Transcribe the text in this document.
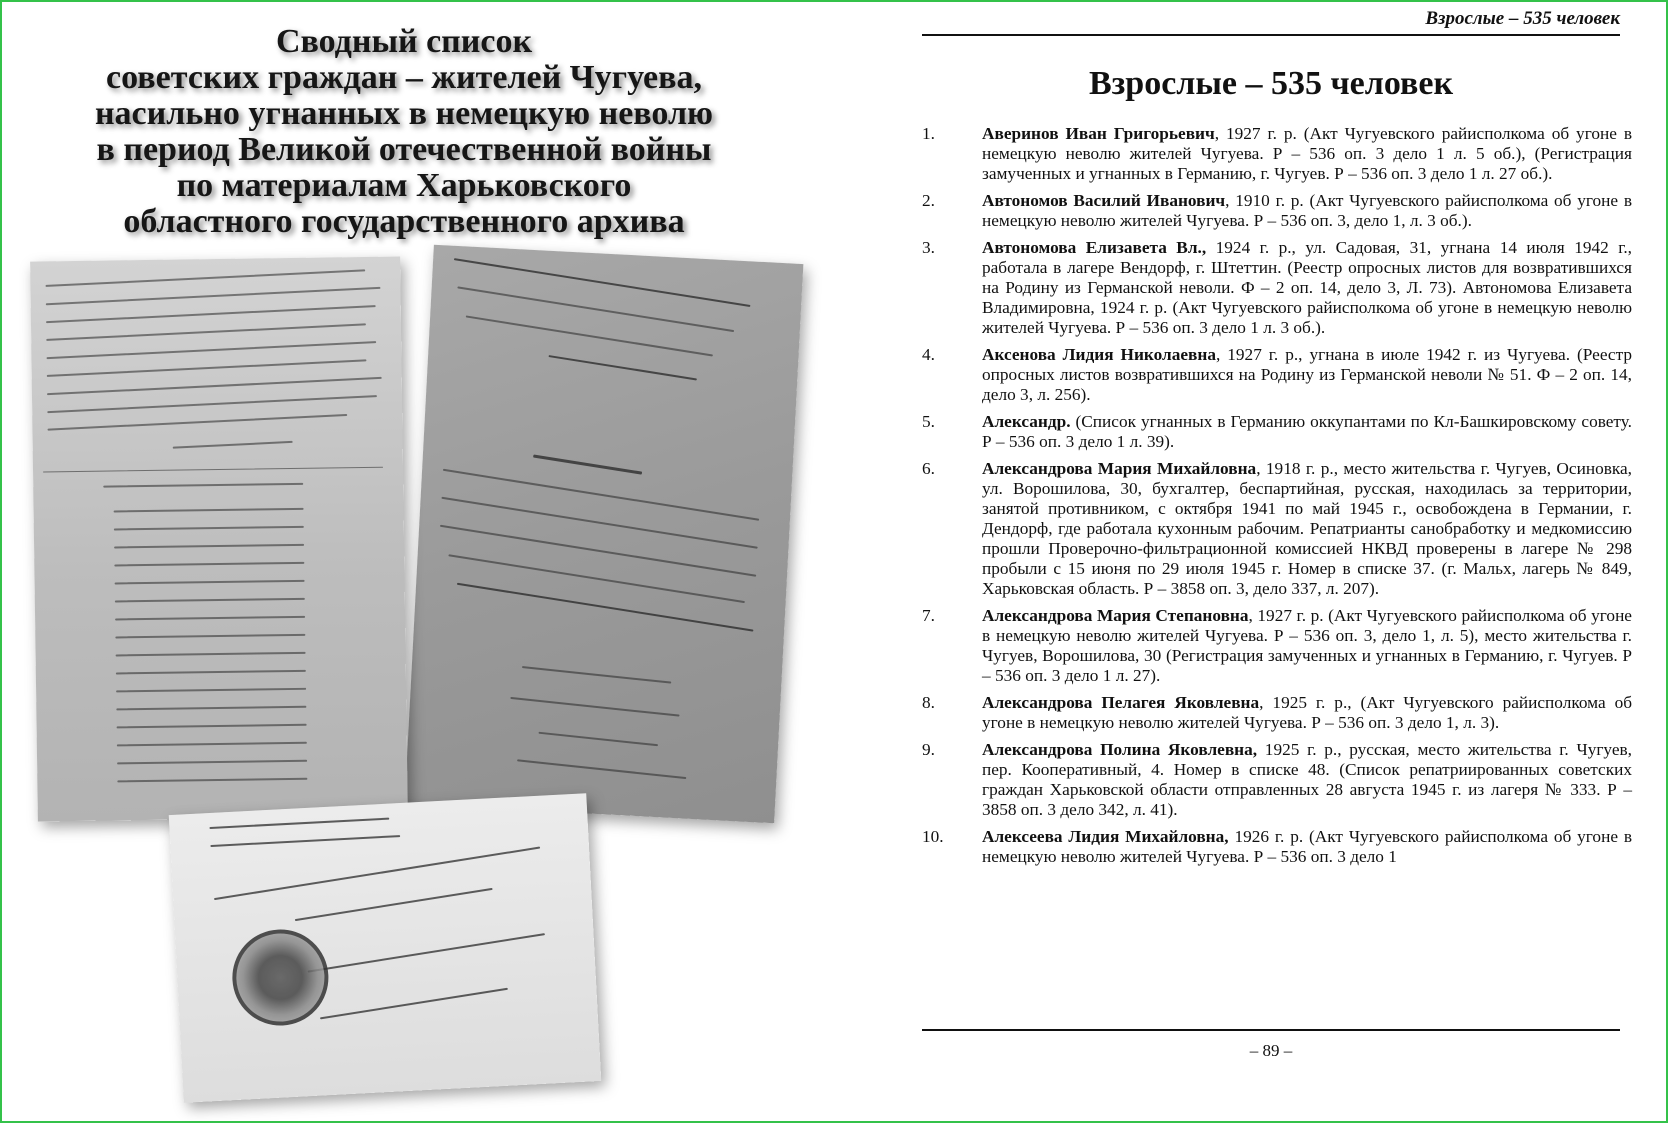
Сводный список
советских граждан – жителей Чугуева,
насильно угнанных в немецкую неволю
в период Великой отечественной войны
по материалам Харьковского
областного государственного архива
Взрослые – 535 человек
Взрослые – 535 человек

1.	Аверинов Иван Григорьевич, 1927 г. р. (Акт Чугуевского райисполкома об угоне в немецкую неволю жителей Чугуева. Р – 536 оп. 3 дело 1 л. 5 об.), (Регистрация замученных и угнанных в Германию, г. Чугуев. Р – 536 оп. 3 дело 1 л. 27 об.).

2.	Автономов Василий Иванович, 1910 г. р. (Акт Чугуевского райисполкома об угоне в немецкую неволю жителей Чугуева. Р – 536 оп. 3, дело 1, л. 3 об.).

3.	Автономова Елизавета Вл., 1924 г. р., ул. Садовая, 31, угнана 14 июля 1942 г., работала в лагере Вендорф, г. Штеттин. (Реестр опросных листов для возвратившихся на Родину из Германской неволи. Ф – 2 оп. 14, дело 3, Л. 73). Автономова Елизавета Владимировна, 1924 г. р. (Акт Чугуевского райисполкома об угоне в немецкую неволю жителей Чугуева. Р – 536 оп. 3 дело 1 л. 3 об.).

4.	Аксенова Лидия Николаевна, 1927 г. р., угнана в июле 1942 г. из Чугуева. (Реестр опросных листов возвратившихся на Родину из Германской неволи № 51. Ф – 2 оп. 14, дело 3, л. 256).

5.	Александр. (Список угнанных в Германию оккупантами по Кл-Башкировскому совету. Р – 536 оп. 3 дело 1 л. 39).

6.	Александрова Мария Михайловна, 1918 г. р., место жительства г. Чугуев, Осиновка, ул. Ворошилова, 30, бухгалтер, беспартийная, русская, находилась за территории, занятой противником, с октября 1941 по май 1945 г., освобождена в Германии, г. Дендорф, где работала кухонным рабочим. Репатрианты санобработку и медкомиссию прошли Проверочно-фильтрационной комиссией НКВД проверены в лагере № 298 пробыли с 15 июня по 29 июля 1945 г. Номер в списке 37. (г. Мальх, лагерь № 849, Харьковская область. Р – 3858 оп. 3, дело 337, л. 207).

7.	Александрова Мария Степановна, 1927 г. р. (Акт Чугуевского райисполкома об угоне в немецкую неволю жителей Чугуева. Р – 536 оп. 3, дело 1, л. 5), место жительства г. Чугуев, Ворошилова, 30 (Регистрация замученных и угнанных в Германию, г. Чугуев. Р – 536 оп. 3 дело 1 л. 27).

8.	Александрова Пелагея Яковлевна, 1925 г. р., (Акт Чугуевского райисполкома об угоне в немецкую неволю жителей Чугуева. Р – 536 оп. 3 дело 1, л. 3).

9.	Александрова Полина Яковлевна, 1925 г. р., русская, место жительства г. Чугуев, пер. Кооперативный, 4. Номер в списке 48. (Список репатриированных советских граждан Харьковской области отправленных 28 августа 1945 г. из лагеря № 333. Р – 3858 оп. 3 дело 342, л. 41).

10. Алексеева Лидия Михайловна, 1926 г. р. (Акт Чугуевского райисполкома об угоне в немецкую неволю жителей Чугуева. Р – 536 оп. 3 дело 1

– 89 –
